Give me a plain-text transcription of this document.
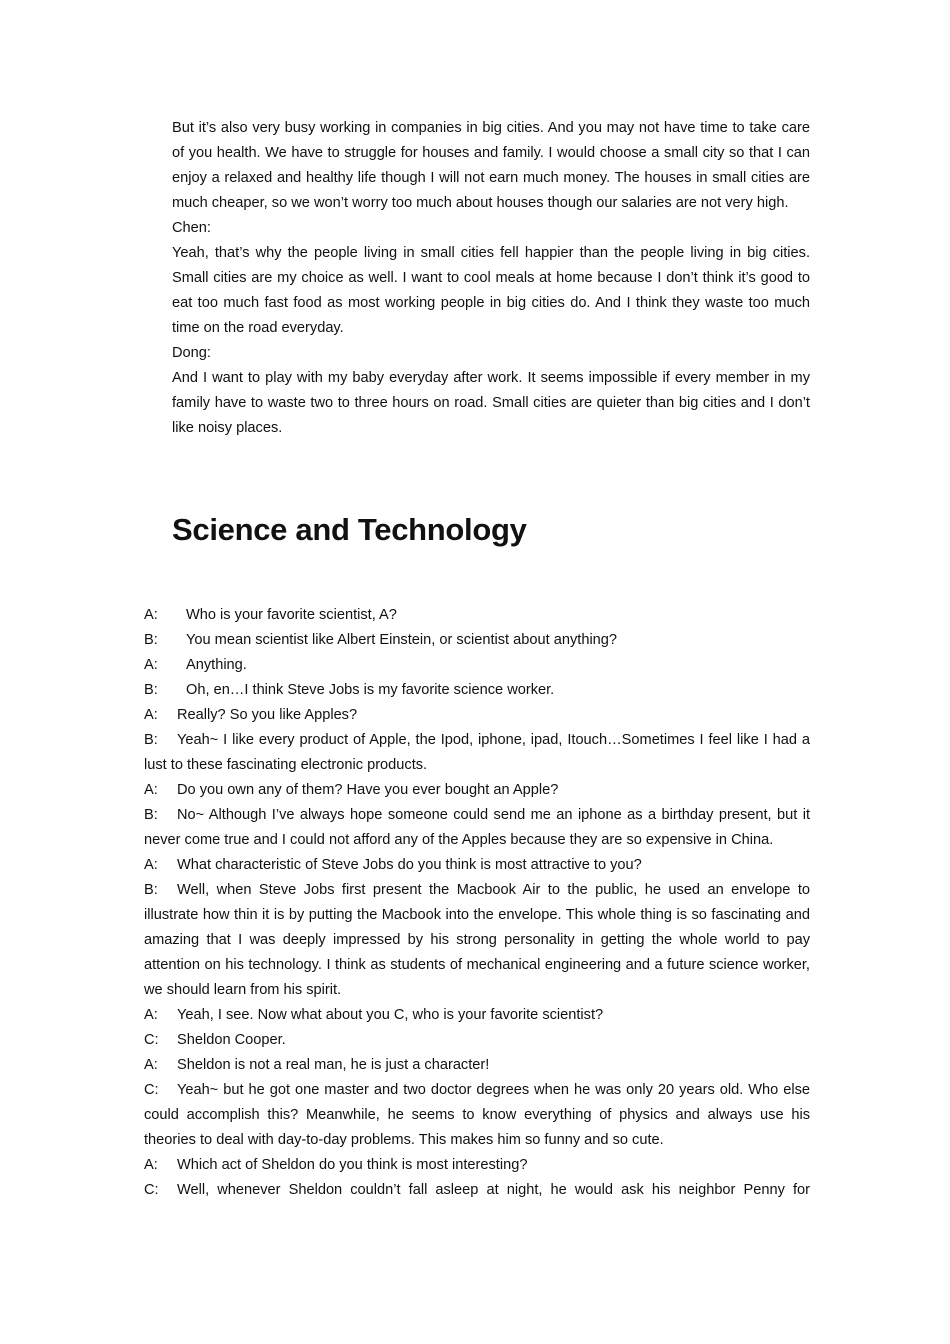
But it’s also very busy working in companies in big cities. And you may not have time to take care of you health. We have to struggle for houses and family. I would choose a small city so that I can enjoy a relaxed and healthy life though I will not earn much money. The houses in small cities are much cheaper, so we won’t worry too much about houses though our salaries are not very high.

Chen:

Yeah, that’s why the people living in small cities fell happier than the people living in big cities. Small cities are my choice as well. I want to cool meals at home because I don’t think it’s good to eat too much fast food as most working people in big cities do. And I think they waste too much time on the road everyday.

Dong:

And I want to play with my baby everyday after work. It seems impossible if every member in my family have to waste two to three hours on road. Small cities are quieter than big cities and I don’t like noisy places.

Science and Technology

A: Who is your favorite scientist, A?

B: You mean scientist like Albert Einstein, or scientist about anything?

A: Anything.

B: Oh, en…I think Steve Jobs is my favorite science worker.

A: Really? So you like Apples?

B: Yeah~ I like every product of Apple, the Ipod, iphone, ipad, Itouch…Sometimes I feel like I had a lust to these fascinating electronic products.

A: Do you own any of them? Have you ever bought an Apple?

B: No~ Although I’ve always hope someone could send me an iphone as a birthday present, but it never come true and I could not afford any of the Apples because they are so expensive in China.

A: What characteristic of Steve Jobs do you think is most attractive to you?

B: Well, when Steve Jobs first present the Macbook Air to the public, he used an envelope to illustrate how thin it is by putting the Macbook into the envelope. This whole thing is so fascinating and amazing that I was deeply impressed by his strong personality in getting the whole world to pay attention on his technology. I think as students of mechanical engineering and a future science worker, we should learn from his spirit.

A: Yeah, I see. Now what about you C, who is your favorite scientist?

C: Sheldon Cooper.

A: Sheldon is not a real man, he is just a character!

C: Yeah~ but he got one master and two doctor degrees when he was only 20 years old. Who else could accomplish this? Meanwhile, he seems to know everything of physics and always use his theories to deal with day-to-day problems. This makes him so funny and so cute.

A: Which act of Sheldon do you think is most interesting?

C: Well, whenever Sheldon couldn’t fall asleep at night, he would ask his neighbor Penny for
